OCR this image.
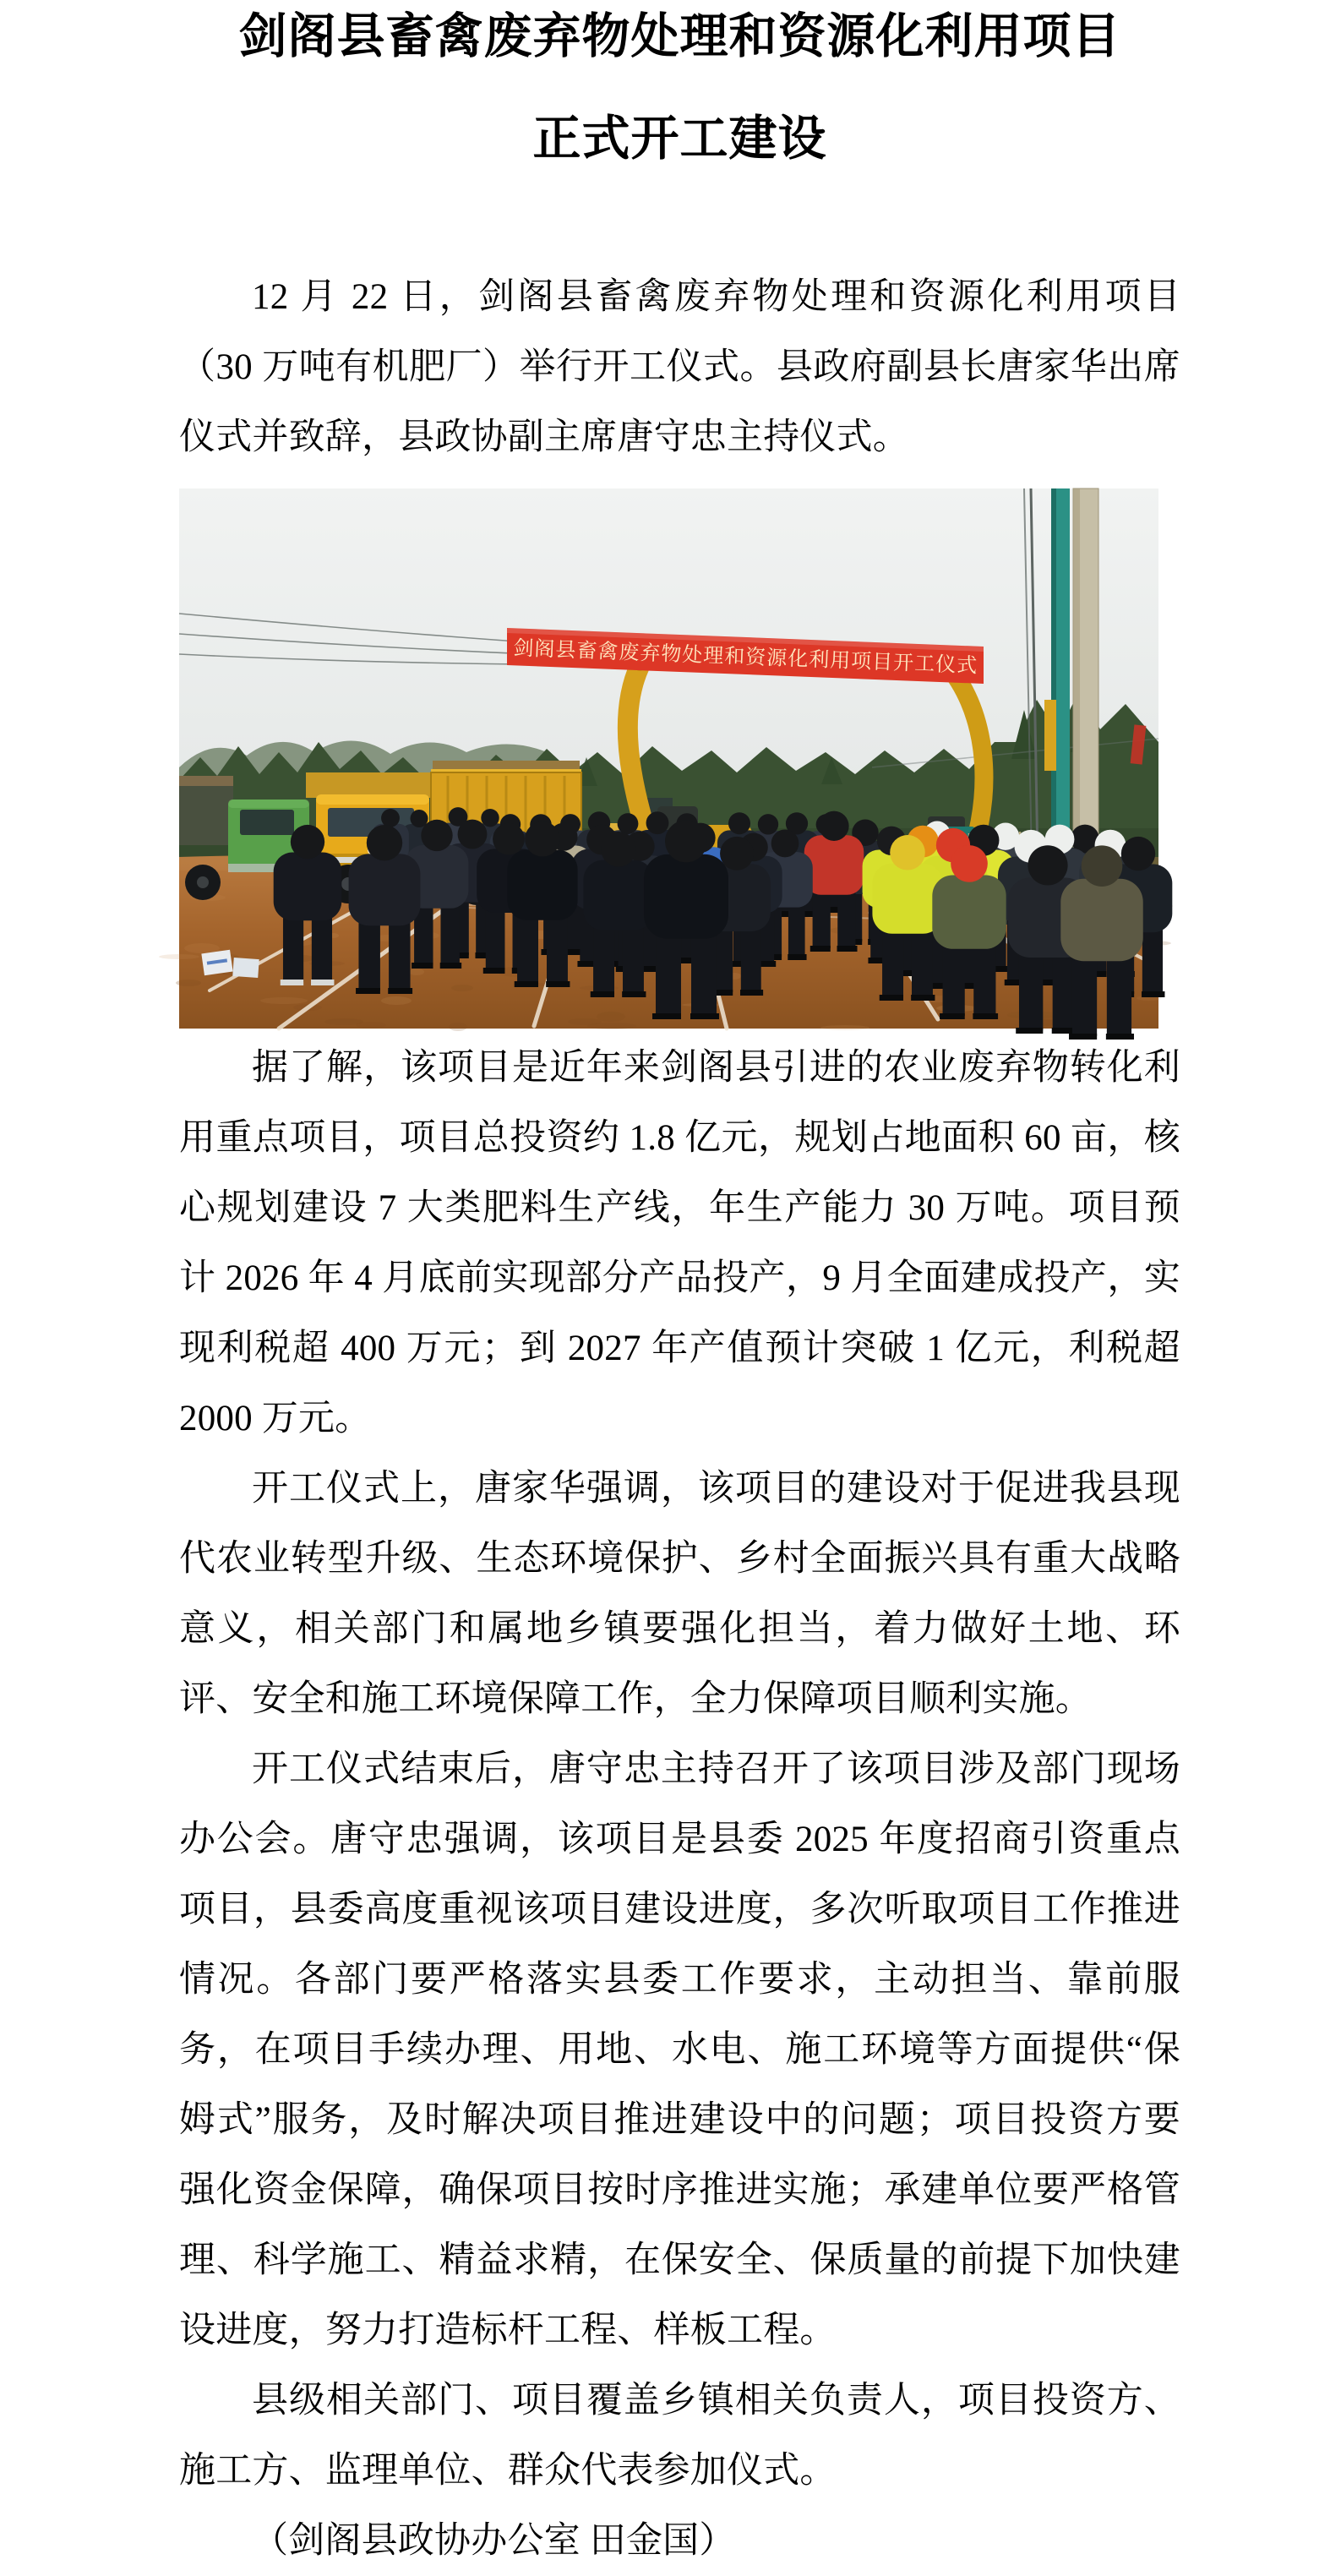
剑阁县畜禽废弃物处理和资源化利用项目
正式开工建设

12 月 22 日，剑阁县畜禽废弃物处理和资源化利用项目（30 万吨有机肥厂）举行开工仪式。县政府副县长唐家华出席仪式并致辞，县政协副主席唐守忠主持仪式。

剑阁县畜禽废弃物处理和资源化利用项目开工仪式

据了解，该项目是近年来剑阁县引进的农业废弃物转化利用重点项目，项目总投资约 1.8 亿元，规划占地面积 60 亩，核心规划建设 7 大类肥料生产线，年生产能力 30 万吨。项目预计 2026 年 4 月底前实现部分产品投产，9 月全面建成投产，实现利税超 400 万元；到 2027 年产值预计突破 1 亿元，利税超 2000 万元。

开工仪式上，唐家华强调，该项目的建设对于促进我县现代农业转型升级、生态环境保护、乡村全面振兴具有重大战略意义，相关部门和属地乡镇要强化担当，着力做好土地、环评、安全和施工环境保障工作，全力保障项目顺利实施。

开工仪式结束后，唐守忠主持召开了该项目涉及部门现场办公会。唐守忠强调，该项目是县委 2025 年度招商引资重点项目，县委高度重视该项目建设进度，多次听取项目工作推进情况。各部门要严格落实县委工作要求，主动担当、靠前服务，在项目手续办理、用地、水电、施工环境等方面提供“保姆式”服务，及时解决项目推进建设中的问题；项目投资方要强化资金保障，确保项目按时序推进实施；承建单位要严格管理、科学施工、精益求精，在保安全、保质量的前提下加快建设进度，努力打造标杆工程、样板工程。

县级相关部门、项目覆盖乡镇相关负责人，项目投资方、施工方、监理单位、群众代表参加仪式。

（剑阁县政协办公室 田金国）
